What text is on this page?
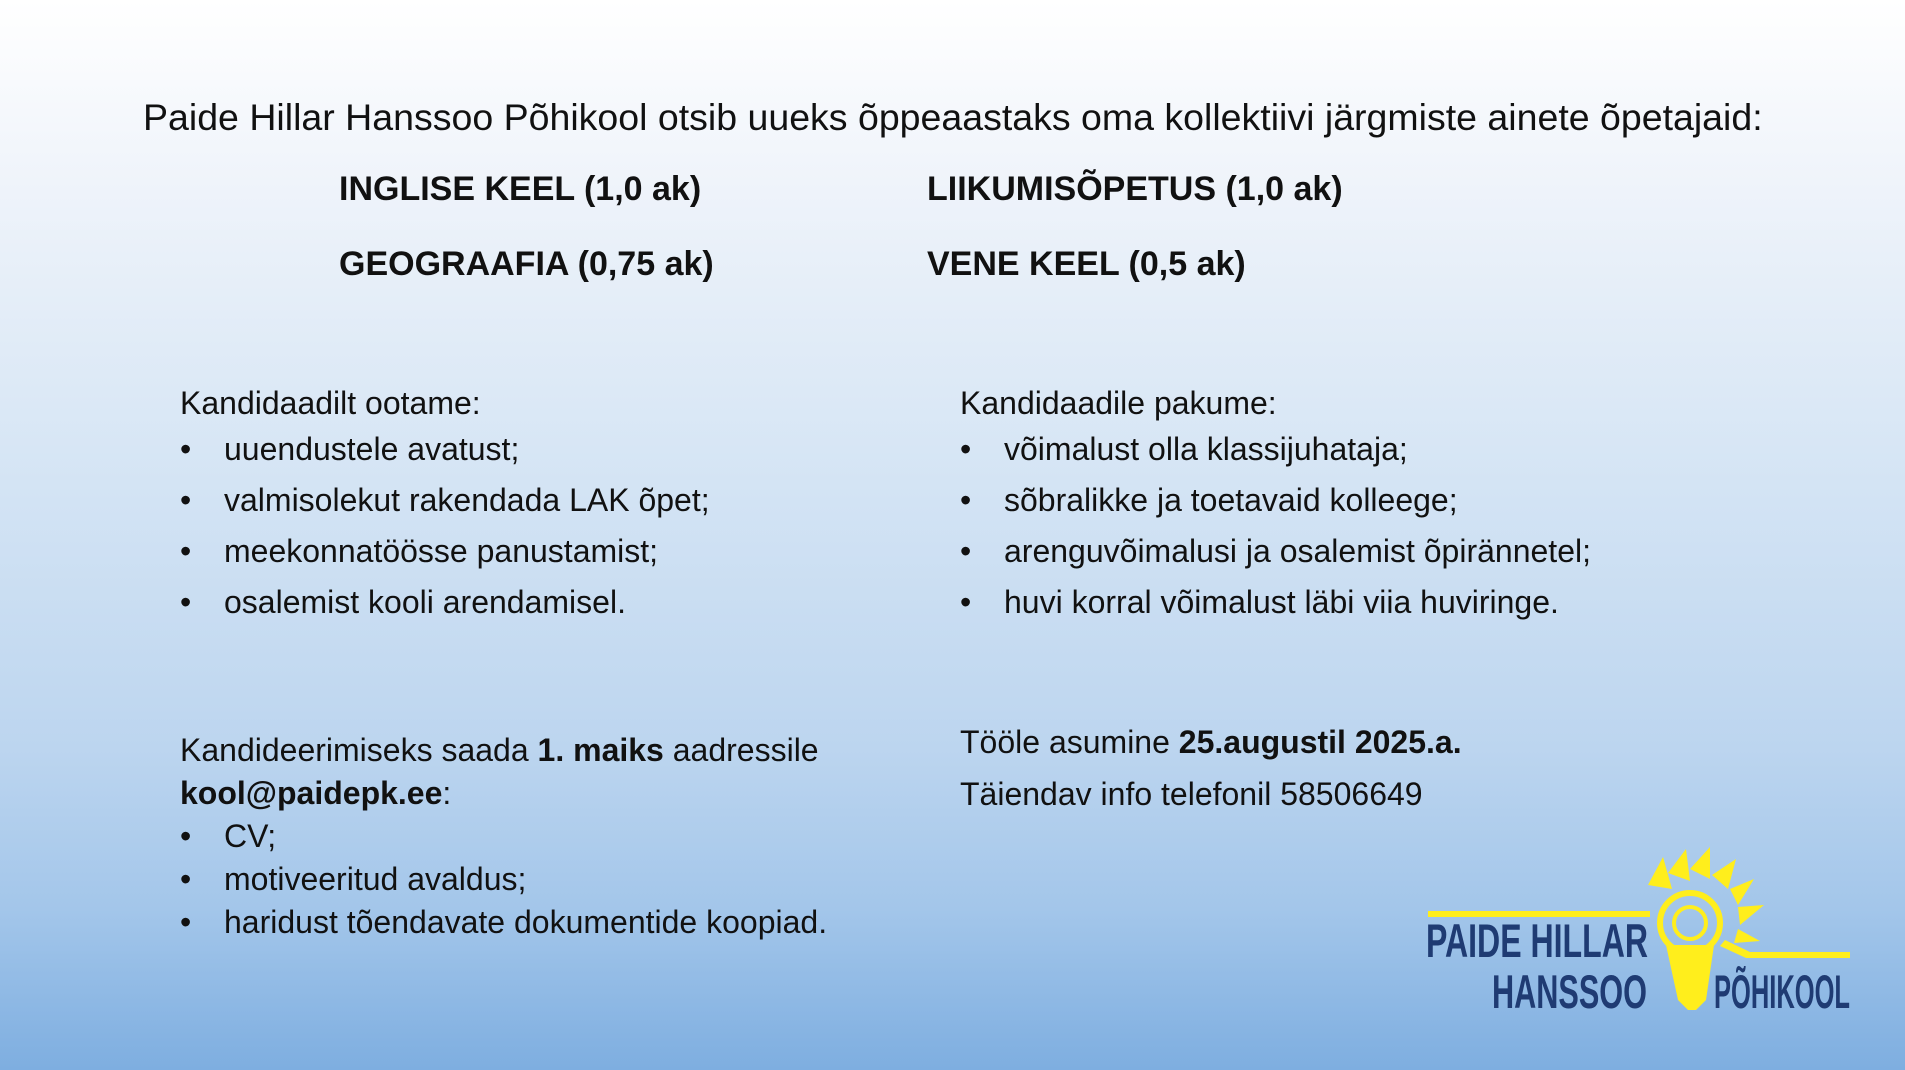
Paide Hillar Hanssoo Põhikool otsib uueks õppeaastaks oma kollektiivi järgmiste ainete õpetajaid:
INGLISE KEEL (1,0 ak)	LIIKUMISÕPETUS (1,0 ak)
GEOGRAAFIA (0,75 ak)	VENE KEEL (0,5 ak)
Kandidaadilt ootame:
• uuendustele avatust;
• valmisolekut rakendada LAK õpet;
• meekonnatöösse panustamist;
• osalemist kooli arendamisel.
Kandidaadile pakume:
• võimalust olla klassijuhataja;
• sõbralikke ja toetavaid kolleege;
• arenguvõimalusi ja osalemist õpirännetel;
• huvi korral võimalust läbi viia huviringe.
Kandideerimiseks saada 1. maiks aadressile
kool@paidepk.ee:
• CV;
• motiveeritud avaldus;
• haridust tõendavate dokumentide koopiad.
Tööle asumine 25.augustil 2025.a.
Täiendav info telefonil 58506649
PAIDE HILLAR
HANSSOO PÕHIKOOL
